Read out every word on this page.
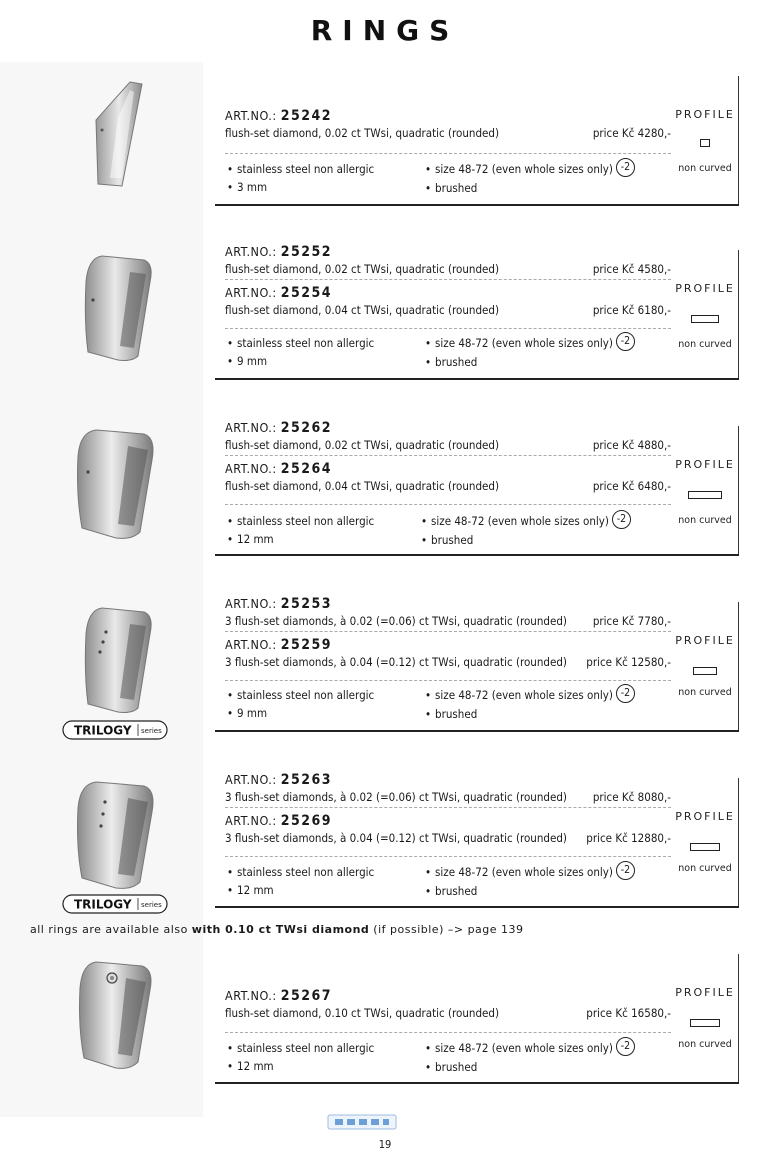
RINGS
TRILOGY series
TRILOGY series
ART.NO.: 25242
flush-set diamond, 0.02 ct TWsi, quadratic (rounded)	price Kč 4280,-
• stainless steel non allergic
• 3 mm
• size 48-72 (even whole sizes only) -2
• brushed
PROFILE
non curved
ART.NO.: 25252
flush-set diamond, 0.02 ct TWsi, quadratic (rounded)	price Kč 4580,-
ART.NO.: 25254
flush-set diamond, 0.04 ct TWsi, quadratic (rounded)	price Kč 6180,-
• stainless steel non allergic
• 9 mm
• size 48-72 (even whole sizes only) -2
• brushed
PROFILE
non curved
ART.NO.: 25262
flush-set diamond, 0.02 ct TWsi, quadratic (rounded)	price Kč 4880,-
ART.NO.: 25264
flush-set diamond, 0.04 ct TWsi, quadratic (rounded)	price Kč 6480,-
• stainless steel non allergic
• 12 mm
• size 48-72 (even whole sizes only) -2
• brushed
PROFILE
non curved
ART.NO.: 25253
3 flush-set diamonds, à 0.02 (=0.06) ct TWsi, quadratic (rounded) price Kč 7780,-
ART.NO.: 25259
3 flush-set diamonds, à 0.04 (=0.12) ct TWsi, quadratic (rounded) price Kč 12580,-
• stainless steel non allergic
• 9 mm
• size 48-72 (even whole sizes only) -2
• brushed
PROFILE
non curved
ART.NO.: 25263
3 flush-set diamonds, à 0.02 (=0.06) ct TWsi, quadratic (rounded) price Kč 8080,-
ART.NO.: 25269
3 flush-set diamonds, à 0.04 (=0.12) ct TWsi, quadratic (rounded) price Kč 12880,-
• stainless steel non allergic
• 12 mm
• size 48-72 (even whole sizes only) -2
• brushed
PROFILE
non curved
all rings are available also with 0.10 ct TWsi diamond (if possible) –> page 139
ART.NO.: 25267
flush-set diamond, 0.10 ct TWsi, quadratic (rounded)	price Kč 16580,-
• stainless steel non allergic
• 12 mm
• size 48-72 (even whole sizes only) -2
• brushed
PROFILE
non curved
19
